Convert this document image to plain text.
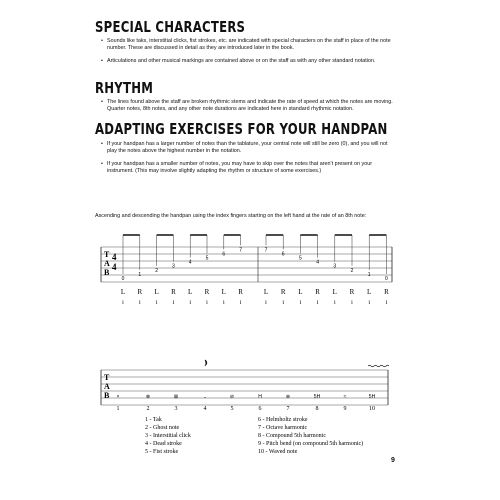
SPECIAL CHARACTERS
• Sounds like taks, interstitial clicks, fist strokes, etc. are indicated with special characters on the staff in place of the note number. These are discussed in detail as they are introduced later in the book.
• Articulations and other musical markings are contained above or on the staff as with any other standard notation.
RHYTHM
• The lines found above the staff are broken rhythmic stems and indicate the rate of speed at which the notes are moving. Quarter notes, 8th notes, and any other note durations are indicated here in standard rhythmic notation.
ADAPTING EXERCISES FOR YOUR HANDPAN
• If your handpan has a larger number of notes than the tablature, your central note will still be zero (0), and you will not play the notes above the highest number in the notation.
• If your handpan has a smaller number of notes, you may have to skip over the notes that aren't present on your instrument. (This may involve slightly adapting the rhythm or structure of some exercises.)
Ascending and descending the handpan using the index fingers starting on the left hand at the rate of an 8th note:
9
T
A
B
4
4
0
L
i
1
R
i
2
L
i
3
R
i
4
L
i
5
R
i
6
L
i
7
R
i
7
L
i
6
R
i
5
L
i
4
R
i
3
L
i
2
R
i
1
L
i
0
R
i
T
A
B ×
1
⊗
2
⊠
3
𝅘
4
⊘
5
H
6
⊕
7
5H
8
≈
9
5H
10
1 - Tak
2 - Ghost note
3 - Interstitial click
4 - Dead stroke
5 - Fist stroke
6 - Helmholtz stroke
7 - Octave harmonic
8 - Compound 5th harmonic
9 - Pitch bend (on compound 5th harmonic)
10 - Waved note
